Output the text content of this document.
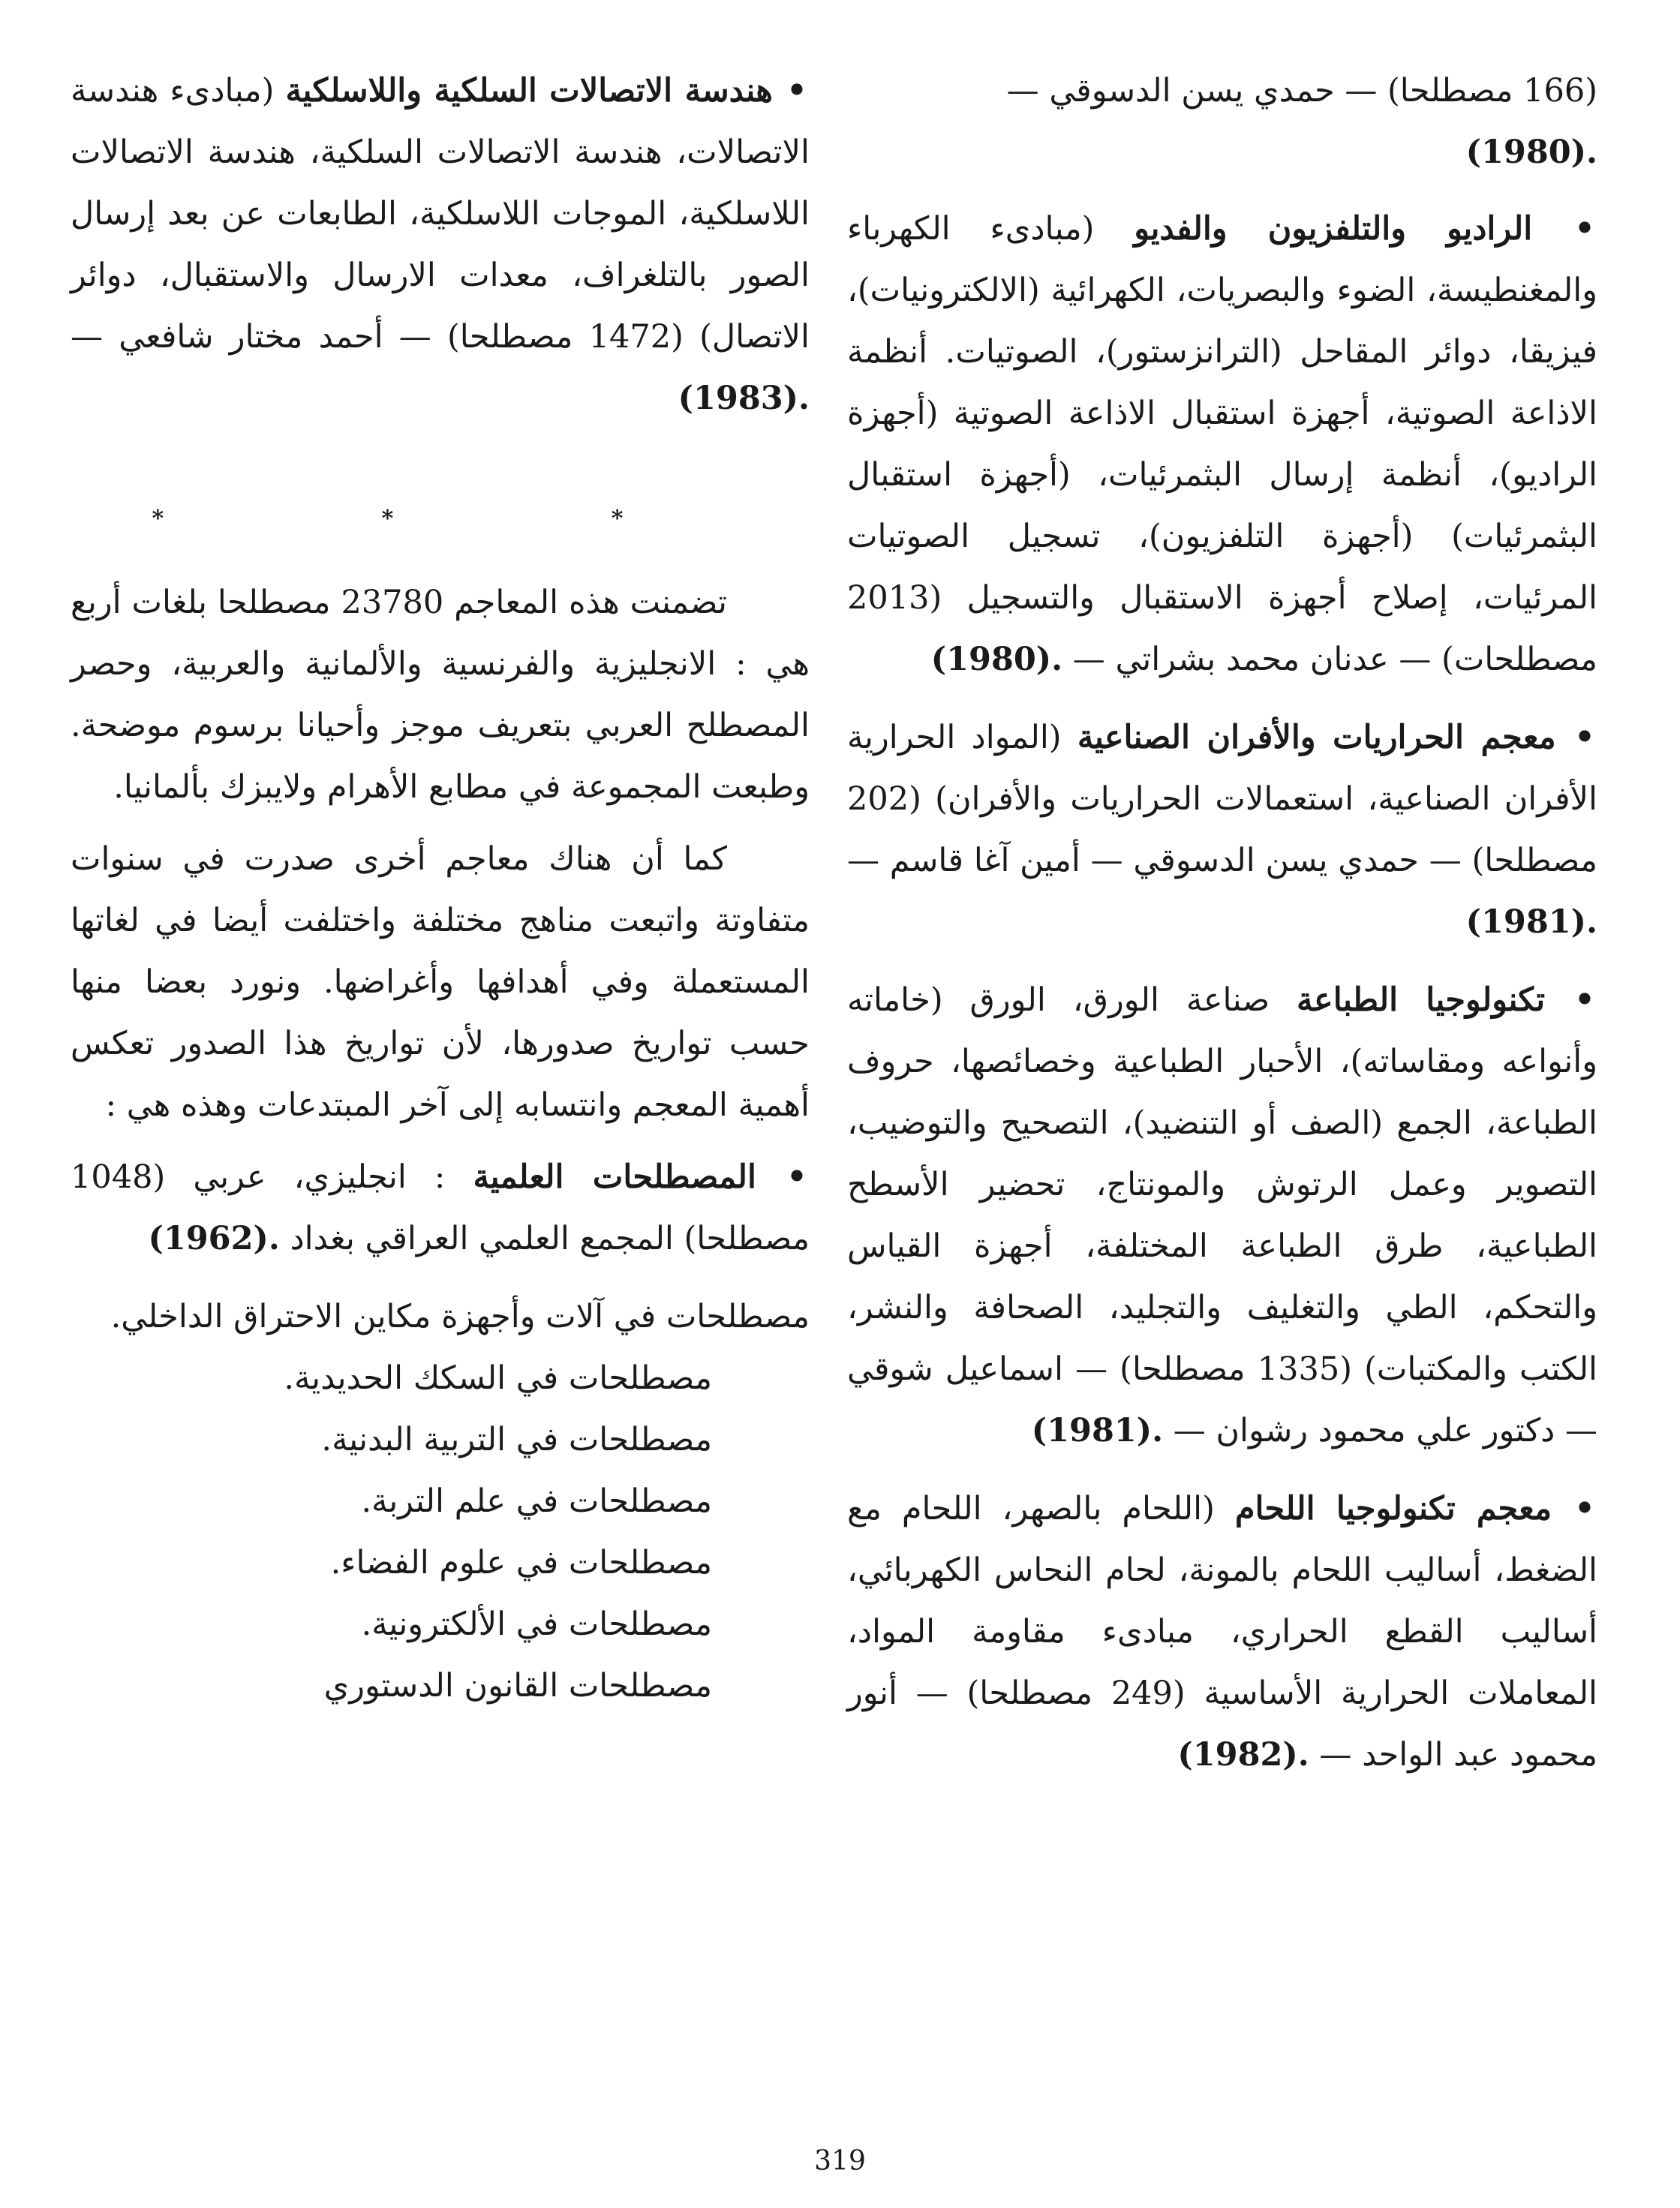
(166 مصطلحا) — حمدي يسن الدسوقي —
(1980).

• الراديو والتلفزيون والفديو (مبادىء الكهرباء والمغنطيسة، الضوء والبصريات، الكهرائية (الالكترونيات)، فيزيقا، دوائر المقاحل (الترانزستور)، الصوتيات. أنظمة الاذاعة الصوتية، أجهزة استقبال الاذاعة الصوتية (أجهزة الراديو)، أنظمة إرسال البثمرئيات، (أجهزة استقبال البثمرئيات) (أجهزة التلفزيون)، تسجيل الصوتيات المرئيات، إصلاح أجهزة الاستقبال والتسجيل (2013 مصطلحات) — عدنان محمد بشراتي — (1980).

• معجم الحراريات والأفران الصناعية (المواد الحرارية الأفران الصناعية، استعمالات الحراريات والأفران) (202 مصطلحا) — حمدي يسن الدسوقي — أمين آغا قاسم — (1981).

• تكنولوجيا الطباعة صناعة الورق، الورق (خاماته وأنواعه ومقاساته)، الأحبار الطباعية وخصائصها، حروف الطباعة، الجمع (الصف أو التنضيد)، التصحيح والتوضيب، التصوير وعمل الرتوش والمونتاج، تحضير الأسطح الطباعية، طرق الطباعة المختلفة، أجهزة القياس والتحكم، الطي والتغليف والتجليد، الصحافة والنشر، الكتب والمكتبات) (1335 مصطلحا) — اسماعيل شوقي — دكتور علي محمود رشوان — (1981).

• معجم تكنولوجيا اللحام (اللحام بالصهر، اللحام مع الضغط، أساليب اللحام بالمونة، لحام النحاس الكهربائي، أساليب القطع الحراري، مبادىء مقاومة المواد، المعاملات الحرارية الأساسية (249 مصطلحا) — أنور محمود عبد الواحد — (1982).

• هندسة الاتصالات السلكية واللاسلكية (مبادىء هندسة الاتصالات، هندسة الاتصالات السلكية، هندسة الاتصالات اللاسلكية، الموجات اللاسلكية، الطابعات عن بعد إرسال الصور بالتلغراف، معدات الارسال والاستقبال، دوائر الاتصال) (1472 مصطلحا) — أحمد مختار شافعي — (1983).

* * *

تضمنت هذه المعاجم 23780 مصطلحا بلغات أربع هي : الانجليزية والفرنسية والألمانية والعربية، وحصر المصطلح العربي بتعريف موجز وأحيانا برسوم موضحة. وطبعت المجموعة في مطابع الأهرام ولايبزك بألمانيا.

كما أن هناك معاجم أخرى صدرت في سنوات متفاوتة واتبعت مناهج مختلفة واختلفت أيضا في لغاتها المستعملة وفي أهدافها وأغراضها. ونورد بعضا منها حسب تواريخ صدورها، لأن تواريخ هذا الصدور تعكس أهمية المعجم وانتسابه إلى آخر المبتدعات وهذه هي :

• المصطلحات العلمية : انجليزي، عربي (1048 مصطلحا) المجمع العلمي العراقي بغداد (1962).

مصطلحات في آلات وأجهزة مكاين الاحتراق الداخلي.
مصطلحات في السكك الحديدية.
مصطلحات في التربية البدنية.
مصطلحات في علم التربة.
مصطلحات في علوم الفضاء.
مصطلحات في الألكترونية.
مصطلحات القانون الدستوري
319
